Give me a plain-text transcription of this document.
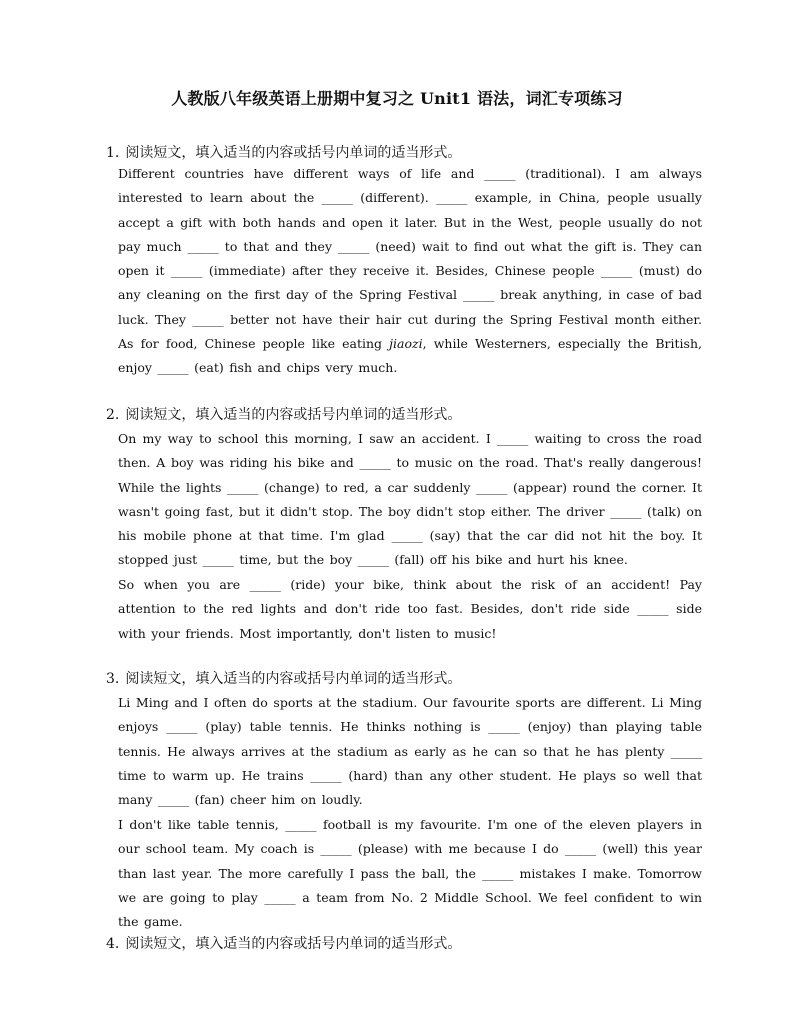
人教版八年级英语上册期中复习之 Unit1 语法，词汇专项练习
1. 阅读短文，填入适当的内容或括号内单词的适当形式。
Different countries have different ways of life and _____ (traditional). I am always interested to learn about the _____ (different). _____ example, in China, people usually accept a gift with both hands and open it later. But in the West, people usually do not pay much _____ to that and they _____ (need) wait to find out what the gift is. They can open it _____ (immediate) after they receive it. Besides, Chinese people _____ (must) do any cleaning on the first day of the Spring Festival _____ break anything, in case of bad luck. They _____ better not have their hair cut during the Spring Festival month either. As for food, Chinese people like eating jiaozi, while Westerners, especially the British, enjoy _____ (eat) fish and chips very much.
2. 阅读短文，填入适当的内容或括号内单词的适当形式。
On my way to school this morning, I saw an accident. I _____ waiting to cross the road then. A boy was riding his bike and _____ to music on the road. That's really dangerous! While the lights _____ (change) to red, a car suddenly _____ (appear) round the corner. It wasn't going fast, but it didn't stop. The boy didn't stop either. The driver _____ (talk) on his mobile phone at that time. I'm glad _____ (say) that the car did not hit the boy. It stopped just _____ time, but the boy _____ (fall) off his bike and hurt his knee.
So when you are _____ (ride) your bike, think about the risk of an accident! Pay attention to the red lights and don't ride too fast. Besides, don't ride side _____ side with your friends. Most importantly, don't listen to music!
3. 阅读短文，填入适当的内容或括号内单词的适当形式。
Li Ming and I often do sports at the stadium. Our favourite sports are different. Li Ming enjoys _____ (play) table tennis. He thinks nothing is _____ (enjoy) than playing table tennis. He always arrives at the stadium as early as he can so that he has plenty _____ time to warm up. He trains _____ (hard) than any other student. He plays so well that many _____ (fan) cheer him on loudly.
I don't like table tennis, _____ football is my favourite. I'm one of the eleven players in our school team. My coach is _____ (please) with me because I do _____ (well) this year than last year. The more carefully I pass the ball, the _____ mistakes I make. Tomorrow we are going to play _____ a team from No. 2 Middle School. We feel confident to win the game.
4. 阅读短文，填入适当的内容或括号内单词的适当形式。
